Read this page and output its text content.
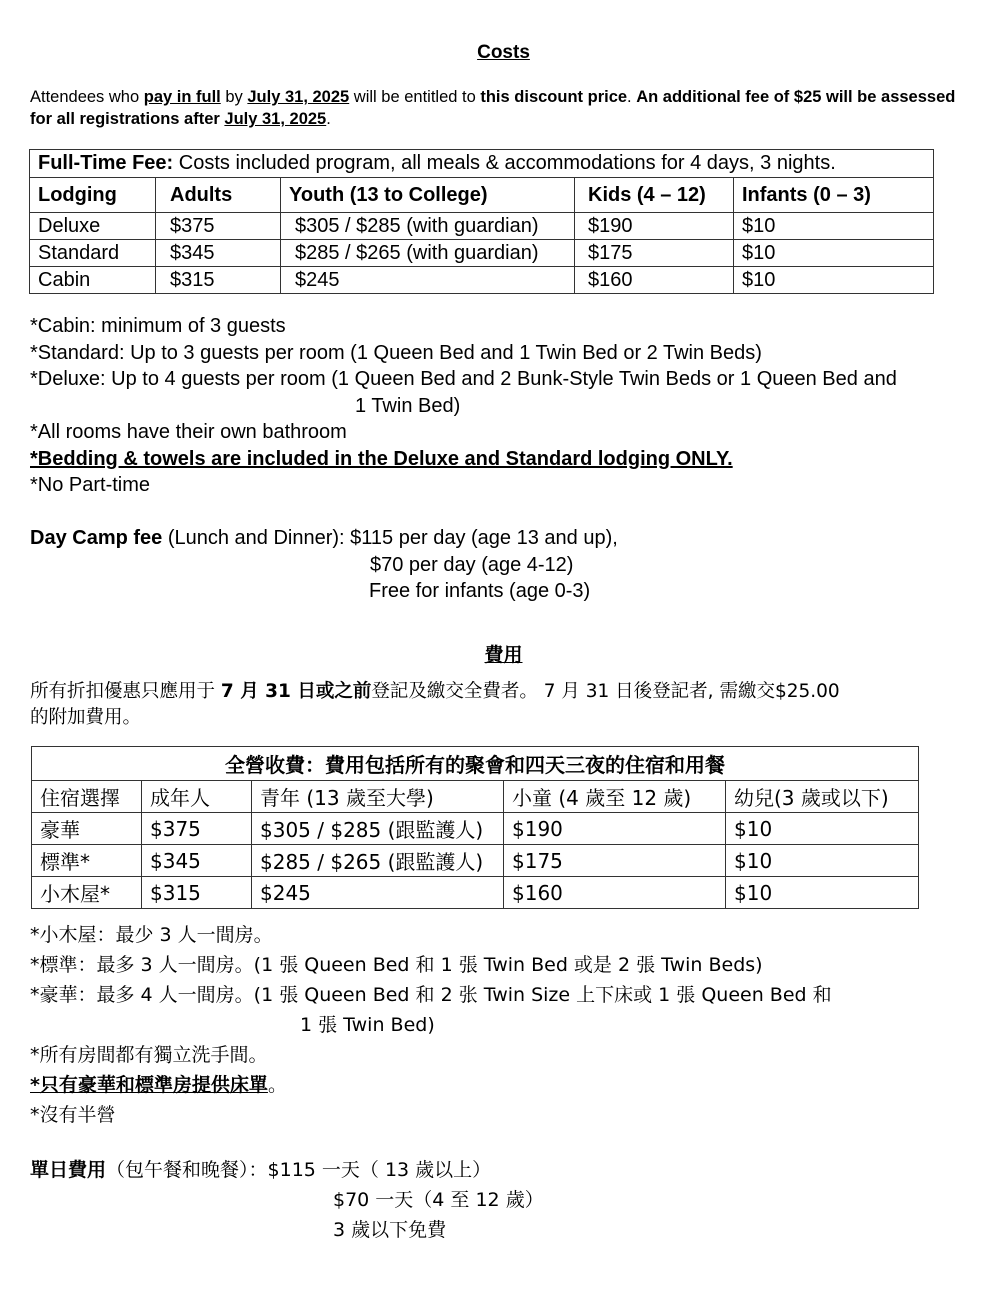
Costs
Attendees who pay in full by July 31, 2025 will be entitled to this discount price. An additional fee of $25 will be assessed for all registrations after July 31, 2025.
Full-Time Fee: Costs included program, all meals & accommodations for 4 days, 3 nights.				
Lodging	Adults	Youth (13 to College)	Kids (4 – 12)	Infants (0 – 3)
Deluxe	$375	$305 / $285 (with guardian)	$190	$10
Standard	$345	$285 / $265 (with guardian)	$175	$10
Cabin	$315	$245	$160	$10
*Cabin: minimum of 3 guests
*Standard: Up to 3 guests per room (1 Queen Bed and 1 Twin Bed or 2 Twin Beds)
*Deluxe: Up to 4 guests per room (1 Queen Bed and 2 Bunk-Style Twin Beds or 1 Queen Bed and
1 Twin Bed)
*All rooms have their own bathroom
*Bedding & towels are included in the Deluxe and Standard lodging ONLY.
*No Part-time
Day Camp fee (Lunch and Dinner): $115 per day (age 13 and up),
$70 per day (age 4-12)
Free for infants (age 0-3)
費用
所有折扣優惠只應用于 7 月 31 日或之前登記及繳交全費者。 7 月 31 日後登記者, 需繳交$25.00
的附加費用。
全營收費：費用包括所有的聚會和四天三夜的住宿和用餐				
住宿選擇	成年人	青年 (13 歲至大學)	小童 (4 歲至 12 歲)	幼兒(3 歲或以下)
豪華	$375	$305 / $285 (跟監護人)	$190	$10
標準*	$345	$285 / $265 (跟監護人)	$175	$10
小木屋*	$315	$245	$160	$10
*小木屋：最少 3 人一間房。
*標準：最多 3 人一間房。(1 張 Queen Bed 和 1 張 Twin Bed 或是 2 張 Twin Beds)
*豪華：最多 4 人一間房。(1 張 Queen Bed 和 2 张 Twin Size 上下床或 1 張 Queen Bed 和
1 張 Twin Bed)
*所有房間都有獨立洗手間。
*只有豪華和標準房提供床單。
*沒有半營
單日費用（包午餐和晚餐）：$115 一天（ 13 歲以上）
$70 一天（4 至 12 歲）
3 歲以下免費
